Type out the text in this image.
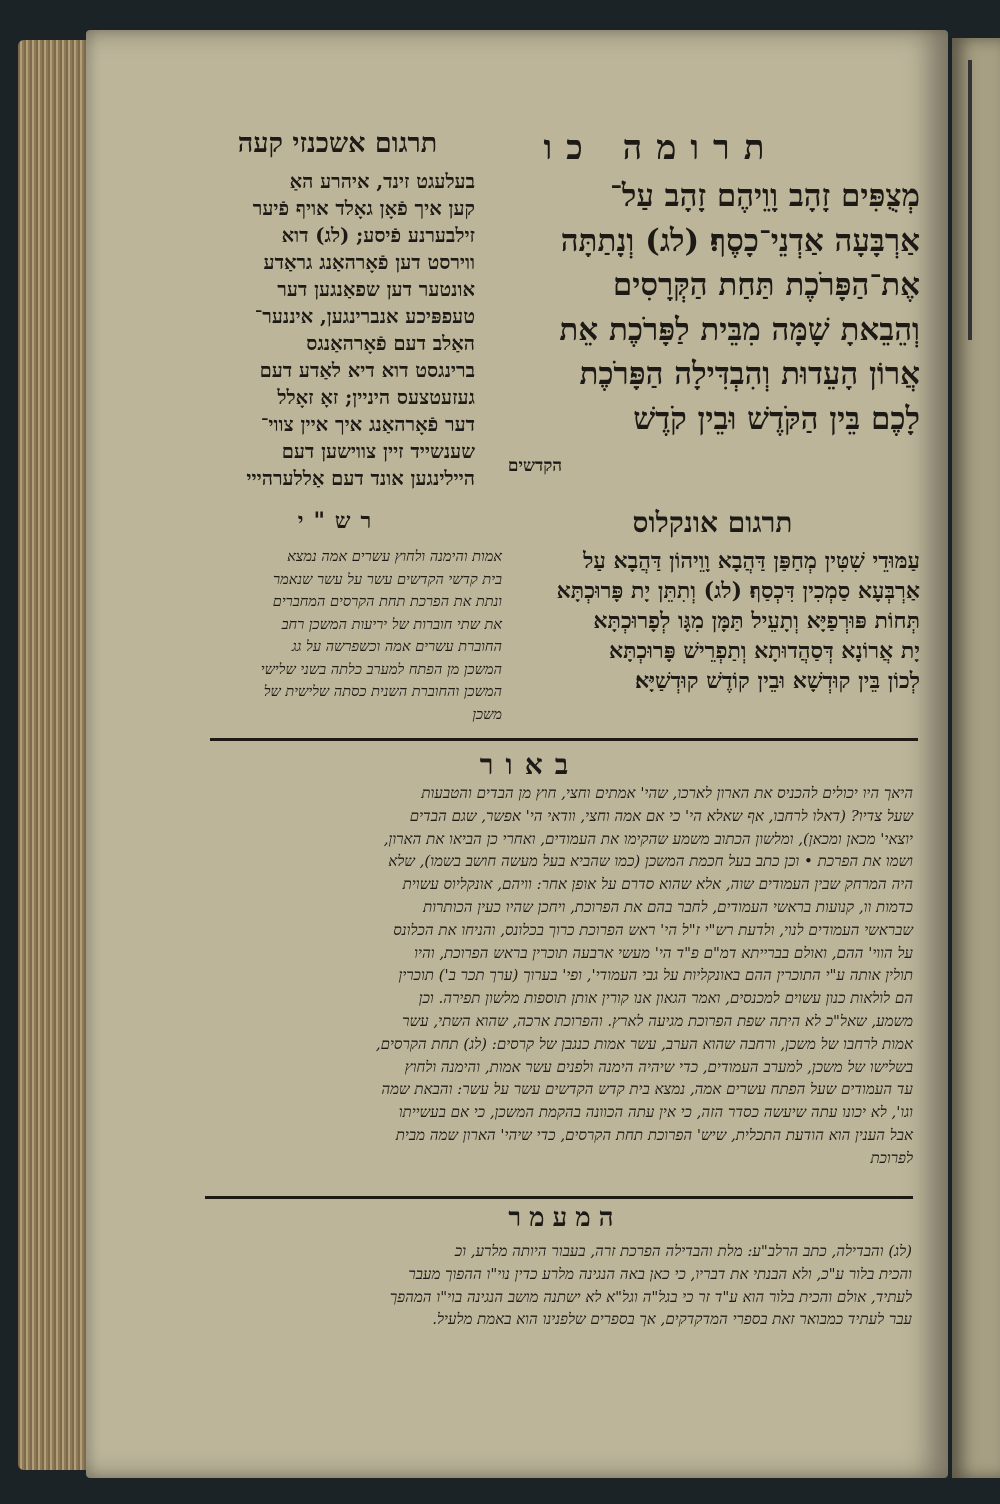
תרומה כו
תרגום אשכנזי קעה

מְצֻפִּים זָהָב וָוֵיהֶם זָהָב עַל־

אַרְבָּעָה אַדְנֵי־כָסֶף׃ (לג) וְנָתַתָּה

אֶת־הַפָּרֹכֶת תַּחַת הַקְּרָסִים

וְהֵבֵאתָ שָׁמָּה מִבֵּית לַפָּרֹכֶת אֵת

אֲרוֹן הָעֵדוּת וְהִבְדִּילָה הַפָּרֹכֶת

לָכֶם בֵּין הַקֹּדֶשׁ וּבֵין קֹדֶשׁ

הקדשים

בעלעגט זינד, איהרע האַ

קען איך פֿאָן גאָלד אויף פֿיער

זילבערנע פֿיסע; (לג) דוא

ווירסט דען פֿאָרהאַנג גראַדע

אונטער דען שפאַנגען דער

טעפפּיכע אנברינגען, איננער־

האַלב דעם פֿאָרהאַנגס

ברינגסט דוא דיא לאַדע דעם

געזעטצעס היניין; זאָ זאָלל

דער פֿאָרהאַנג איך איין צווי־

שענשייד זיין צווישען דעם

היילינגען אונד דעם אַללערהייי

תרגום אונקלוס

עַמּוּדֵי שִׁטִּין מְחַפַּן דַּהֲבָא וָוֵיהוֹן דַּהֲבָא עַל

אַרְבְּעָא סַמְכִין דִּכְסַף׃ (לג) וְתִתֵּן יָת פָּרוּכְתָּא

תְּחוֹת פּוּרְפַיָּא וְתָעֵיל תַּמָּן מִגָּו לְפָרוּכְתָּא

יָת אֲרוֹנָא דְּסַהֲדוּתָא וְתַפְרֵישׁ פָּרוּכְתָּא

לְכוֹן בֵּין קוּדְשָׁא וּבֵין קוֹדֶשׁ קוּדְשַׁיָּא׃

רש"י

אמות והימנה ולחוץ עשרים אמה נמצא

בית קדשי הקדשים עשר על עשר שנאמר

ונתת את הפרכת תחת הקרסים המחברים

את שתי חוברות של יריעות המשכן רחב

החוברת עשרים אמה וכשפרשה על גג

המשכן מן הפתח למערב כלתה בשני שלישי

המשכן והחוברת השנית כסתה שלישית של

משכן

באור

היאך היו יכולים להכניס את הארון לארכו, שהי' אמתים וחצי, חוץ מן הבדים והטבעות

שעל צדיו? (דאלו לרחבו, אף שאלא הי' כי אם אמה וחצי, וודאי הי' אפשר, שגם הבדים

יוצאי' מכאן ומכאן), ומלשון הכתוב משמע שהקימו את העמודים, ואחרי כן הביאו את הארון,

ושמו את הפרכת • וכן כתב בעל חכמת המשכן (כמו שהביא בעל מעשה חושב בשמו), שלא

היה המרחק שבין העמודים שוה, אלא שהוא סדרם על אופן אחר: וויהם, אונקליוס עשוית

כדמות וו, קנועות בראשי העמודים, לחבר בהם את הפרוכת, ויחכן שהיו כעין הכותרות

שבראשי העמודים לנוי, ולדעת רש"י ז"ל הי' ראש הפרוכת כרוך בכלונס, והניחו את הכלונס

על הווי' ההם, ואולם בברייתא דמ"ם פ"ד הי' מעשי ארבעה תוכרין בראש הפרוכת, והיו

תולין אותה ע"י התוכרין ההם באונקליות על גבי העמודי', ופי' בערוך (ערך תכר ב') תוכרין

הם לולאות כנון עשוים למכנסים, ואמר הגאון אנו קורין אותן תוספות מלשון תפירה. וכן

משמע, שאל"כ לא היתה שפת הפרוכת מגיעה לארץ. והפרוכת ארכה, שהוא השתי, עשר

אמות לרחבו של משכן, ורחבה שהוא הערב, עשר אמות כנגבן של קרסים: (לג) תחת הקרסים,

בשלישו של משכן, למערב העמודים, כדי שיהיה הימנה ולפנים עשר אמות, והימנה ולחוץ

עד העמודים שעל הפתח עשרים אמה, נמצא בית קדש הקדשים עשר על עשר: והבאת שמה

וגו', לא יכונו עתה שיעשה כסדר הזה, כי אין עתה הכוונה בהקמת המשכן, כי אם בעשייתו

אבל הענין הוא הודעת התכלית, שיש' הפרוכת תחת הקרסים, כדי שיהי' הארון שמה מבית

לפרוכת

המעמר

(לג) והבדילה, כתב הרלב"ע: מלת והבדילה הפרכת זרה, בעבור היותה מלרע, וכ

והכית בלור ע"כ, ולא הבנתי את דבריו, כי כאן באה הנגינה מלרע כדין נוי"ו ההפוך מעבר

לעתיד, אולם והכית בלור הוא ע"ד זר כי בגל"ה וגל"א לא ישתנה מושב הנגינה בוי"ו המהפך

עבר לעתיד כמבואר זאת בספרי המדקדקים, אך בספרים שלפנינו הוא באמת מלעיל.
